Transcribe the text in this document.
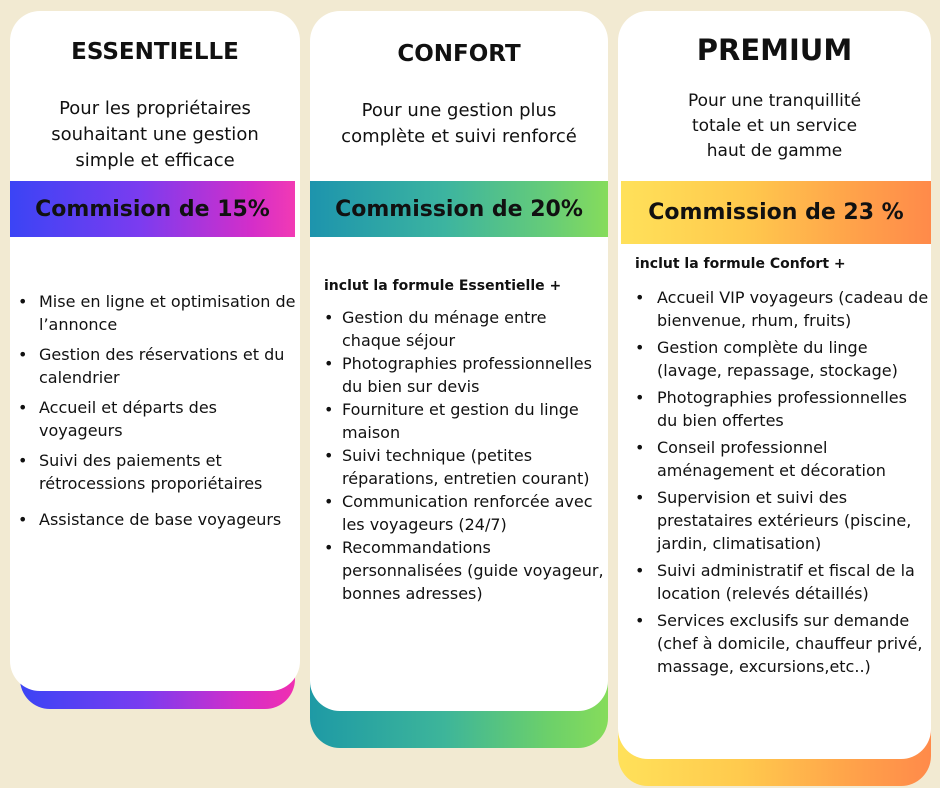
ESSENTIELLE
Pour les propriétaires
souhaitant une gestion
simple et efficace
Commision de 15%
• Mise en ligne et optimisation de l’annonce
• Gestion des réservations et du calendrier
• Accueil et départs des voyageurs
• Suivi des paiements et rétrocessions proporiétaires
• Assistance de base voyageurs
CONFORT
Pour une gestion plus
complète et suivi renforcé
Commission de 20%

inclut la formule Essentielle +

• Gestion du ménage entre chaque séjour
• Photographies professionnelles du bien sur devis
• Fourniture et gestion du linge maison
• Suivi technique (petites réparations, entretien courant)
• Communication renforcée avec les voyageurs (24/7)
• Recommandations personnalisées (guide voyageur, bonnes adresses)
PREMIUM
Pour une tranquillité
totale et un service
haut de gamme
Commission de 23 %

inclut la formule Confort +

• Accueil VIP voyageurs (cadeau de bienvenue, rhum, fruits)
• Gestion complète du linge (lavage, repassage, stockage)
• Photographies professionnelles du bien offertes
• Conseil professionnel aménagement et décoration
• Supervision et suivi des prestataires extérieurs (piscine, jardin, climatisation)
• Suivi administratif et fiscal de la location (relevés détaillés)
• Services exclusifs sur demande (chef à domicile, chauffeur privé, massage, excursions,etc..)
